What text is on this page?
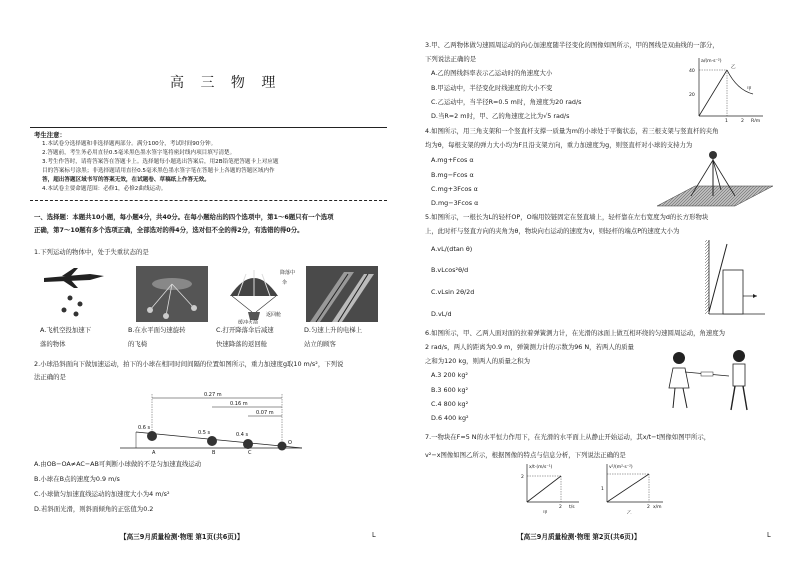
高 三 物 理
考生注意：
1.本试卷分选择题和非选择题两部分。满分100分，考试时间90分钟。
2.答题前，考生务必用直径0.5毫米黑色墨水签字笔将密封线内项目填写清楚。
3.考生作答时，请将答案答在答题卡上。选择题每小题选出答案后，用2B铅笔把答题卡上对应题
目的答案标号涂黑；非选择题请用直径0.5毫米黑色墨水签字笔在答题卡上各题的答题区域内作
答，超出答题区域书写的答案无效，在试题卷、草稿纸上作答无效。
4.本试卷主要命题范围：必修1，必修2曲线运动。
一、选择题：本题共10小题，每小题4分，共40分。在每小题给出的四个选项中，第1～6题只有一个选项
正确，第7～10题有多个选项正确，全部选对的得4分，选对但不全的得2分，有选错的得0分。
1.下列运动的物体中，处于失重状态的是
降落中
伞
返回舱
缓冲火箭
A.飞机空投加速下
落的物体
B.在水平面匀速旋转
的飞椅
C.打开降落伞后减速
快速降落的返回舱
D.匀速上升的电梯上
站立的顾客
2.小球沿斜面向下做加速运动，拍下的小球在相同时间间隔的位置如图所示，重力加速度g取10 m/s²，下列说
法正确的是
0.27 m
0.16 m
0.07 m
0.6 s
0.5 s	0.4 s
A	B	C
O
A.由OB−OA≠AC−AB可判断小球做的不是匀加速直线运动
B.小球在B点的速度为0.9 m/s
C.小球做匀加速直线运动的加速度大小为4 m/s²
D.若斜面光滑，则斜面倾角的正弦值为0.2
【高三9月质量检测·物理 第1页(共6页)】	L
3.甲、乙两物体做匀速圆周运动的向心加速度随半径变化的图像如图所示，甲的图线是双曲线的一部分，
下列说法正确的是
A.乙的图线斜率表示乙运动时的角速度大小
B.甲运动中，半径变化时线速度的大小不变
C.乙运动中，当半径R=0.5 m时，角速度为20 rad/s
D.当R=2 m时，甲、乙的角速度之比为√5 rad/s
a/(m·s⁻²)
R/m
乙
甲
40
20
1	2
4.如图所示，用三角支架和一个竖直杆支撑一质量为m的小球处于平衡状态，若三根支架与竖直杆的夹角
均为θ，每根支架的弹力大小均为F且沿支架方向，重力加速度为g，则竖直杆对小球的支持力为
A.mg+Fcos α
B.mg−Fcos α
C.mg+3Fcos α
D.mg−3Fcos α
5.如图所示，一根长为L的轻杆OP，O端用铰链固定在竖直墙上，轻杆靠在左右宽度为d的长方形物块
上，此时杆与竖直方向的夹角为θ，物块向右运动的速度为v，则轻杆的端点P的速度大小为
A.vL/(dtan θ)
B.vLcos²θ/d
C.vLsin 2θ/2d
D.vL/d
6.如图所示，甲、乙两人面对面的拉着弹簧测力计，在光滑的冰面上做互相环绕的匀速圆周运动，角速度为
2 rad/s，两人的距离为0.9 m，弹簧测力计的示数为96 N，若两人的质量
之和为120 kg，则两人的质量之积为
A.3 200 kg²
B.3 600 kg²
C.4 800 kg²
D.6 400 kg²
7.一物块在F=5 N的水平恒力作用下，在光滑的水平面上从静止开始运动，其x/t−t图像如图甲所示，
v²−x图像如图乙所示，根据图像的特点与信息分析，下列说法正确的是
x/t·(m/s⁻¹)
t/s
2
2
甲
v²/(m²·s⁻²)
x/m
1
2
乙
【高三9月质量检测·物理 第2页(共6页)】	L
